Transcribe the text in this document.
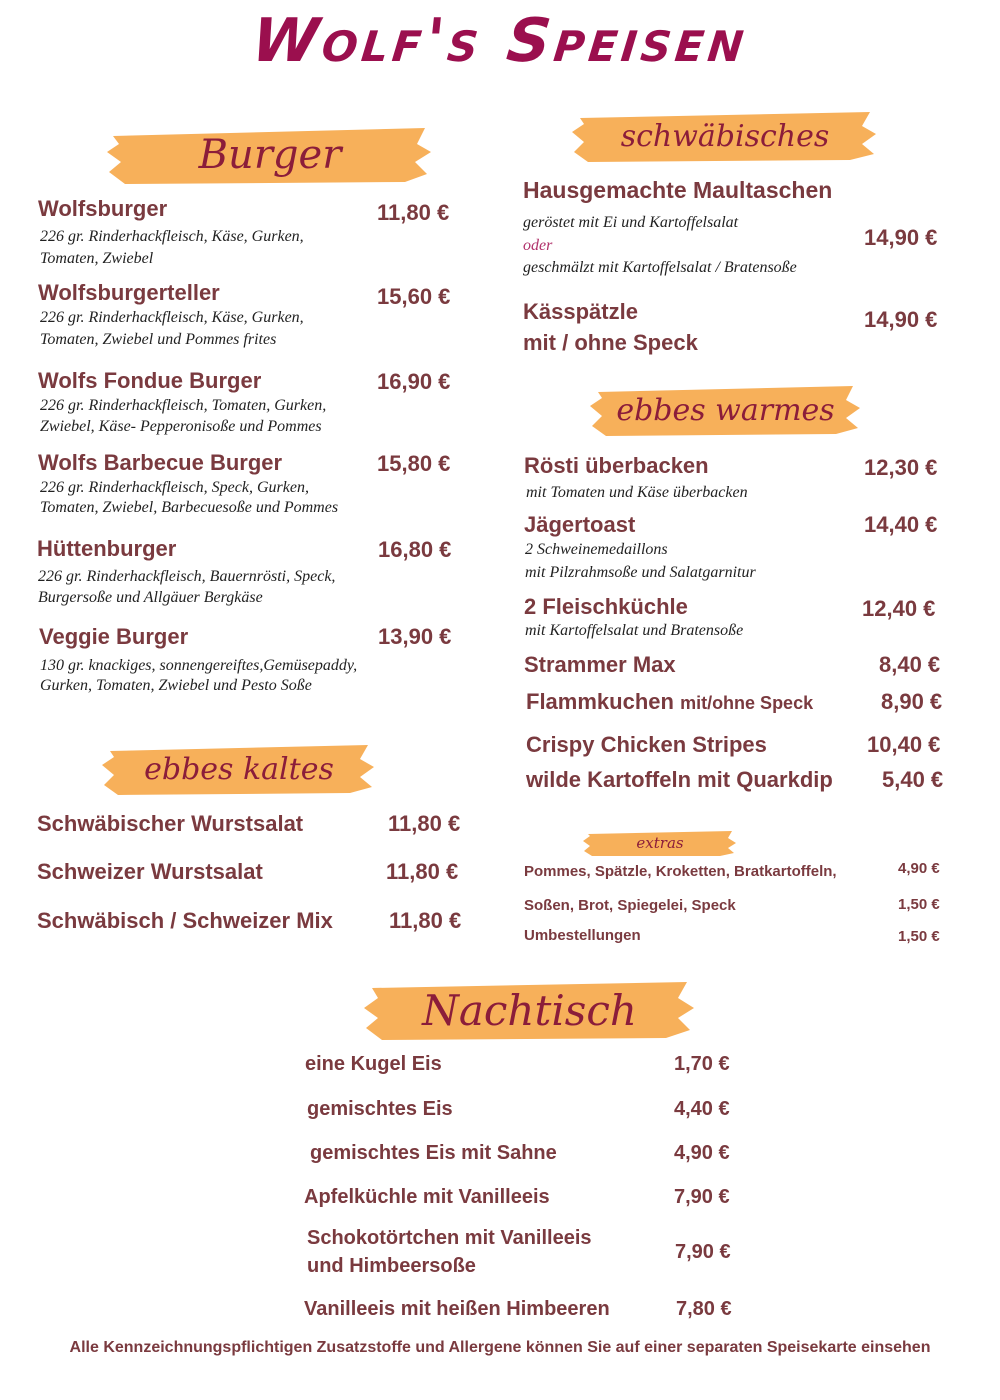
Wolf's Speisen
Burger	schwäbisches
ebbes warmes
ebbes kaltes
extras
Nachtisch
Wolfsburger	11,80 €
226 gr. Rinderhackfleisch, Käse, Gurken,
Tomaten, Zwiebel
Wolfsburgerteller	15,60 €
226 gr. Rinderhackfleisch, Käse, Gurken,
Tomaten, Zwiebel und Pommes frites
Wolfs Fondue Burger	16,90 €
226 gr. Rinderhackfleisch, Tomaten, Gurken,
Zwiebel, Käse- Pepperonisoße und Pommes
Wolfs Barbecue Burger	15,80 €
226 gr. Rinderhackfleisch, Speck, Gurken,
Tomaten, Zwiebel, Barbecuesoße und Pommes
Hüttenburger	16,80 €
226 gr. Rinderhackfleisch, Bauernrösti, Speck,
Burgersoße und Allgäuer Bergkäse
Veggie Burger	13,90 €
130 gr. knackiges, sonnengereiftes,Gemüsepaddy,
Gurken, Tomaten, Zwiebel und Pesto Soße
Hausgemachte Maultaschen
geröstet mit Ei und Kartoffelsalat
oder
geschmälzt mit Kartoffelsalat / Bratensoße
14,90 €
Kässpätzle
mit / ohne Speck
14,90 €
Rösti überbacken	12,30 €
mit Tomaten und Käse überbacken
Jägertoast	14,40 €
2 Schweinemedaillons
mit Pilzrahmsoße und Salatgarnitur
2 Fleischküchle	12,40 €
mit Kartoffelsalat und Bratensoße
Strammer Max	8,40 €
Flammkuchen mit/ohne Speck	8,90 €
Crispy Chicken Stripes	10,40 €
wilde Kartoffeln mit Quarkdip 5,40 €
Pommes, Spätzle, Kroketten, Bratkartoffeln,	4,90 €
Soßen, Brot, Spiegelei, Speck	1,50 €
Umbestellungen	1,50 €
Schwäbischer Wurstsalat	11,80 €
Schweizer Wurstsalat	11,80 €
Schwäbisch / Schweizer Mix	11,80 €
eine Kugel Eis	1,70 €
gemischtes Eis	4,40 €
gemischtes Eis mit Sahne	4,90 €
Apfelküchle mit Vanilleeis	7,90 €
Schokotörtchen mit Vanilleeis
und Himbeersoße
7,90 €
Vanilleeis mit heißen Himbeeren	7,80 €
Alle Kennzeichnungspflichtigen Zusatzstoffe und Allergene können Sie auf einer separaten Speisekarte einsehen
